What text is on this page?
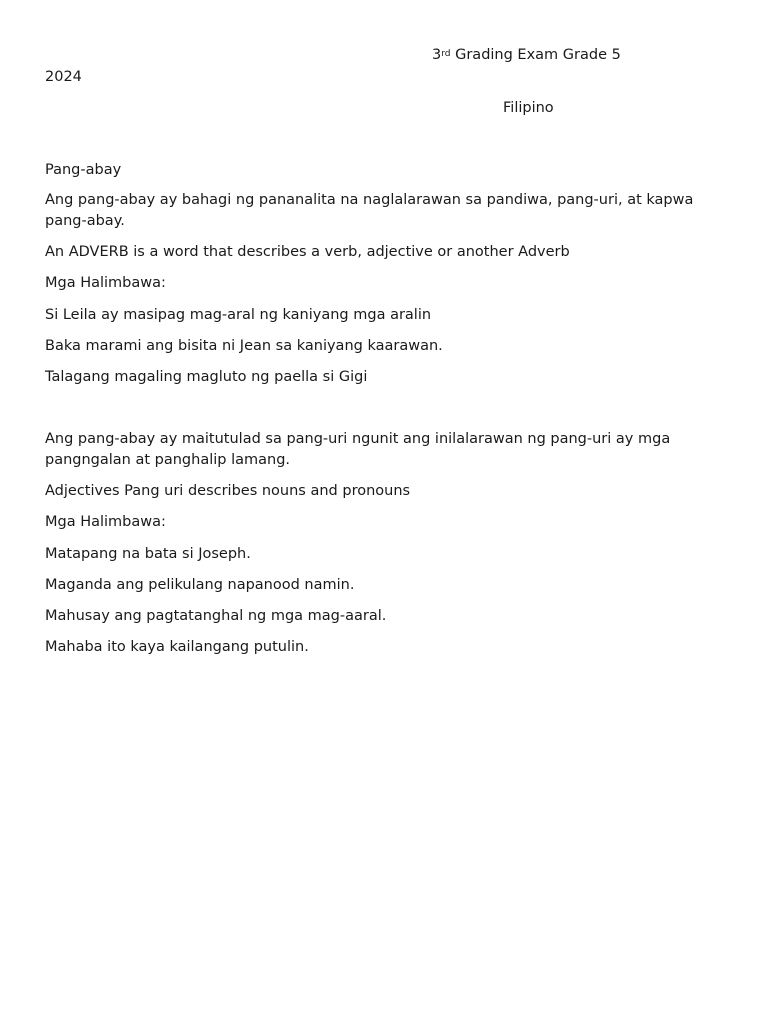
3rd Grading Exam Grade 5
2024
Filipino
Pang-abay
Ang pang-abay ay bahagi ng pananalita na naglalarawan sa pandiwa, pang-uri, at kapwa pang-abay.
An ADVERB is a word that describes a verb, adjective or another Adverb
Mga Halimbawa:
Si Leila ay masipag mag-aral ng kaniyang mga aralin
Baka marami ang bisita ni Jean sa kaniyang kaarawan.
Talagang magaling magluto ng paella si Gigi
Ang pang-abay ay maitutulad sa pang-uri ngunit ang inilalarawan ng pang-uri ay mga pangngalan at panghalip lamang.
Adjectives Pang uri describes nouns and pronouns
Mga Halimbawa:
Matapang na bata si Joseph.
Maganda ang pelikulang napanood namin.
Mahusay ang pagtatanghal ng mga mag-aaral.
Mahaba ito kaya kailangang putulin.
